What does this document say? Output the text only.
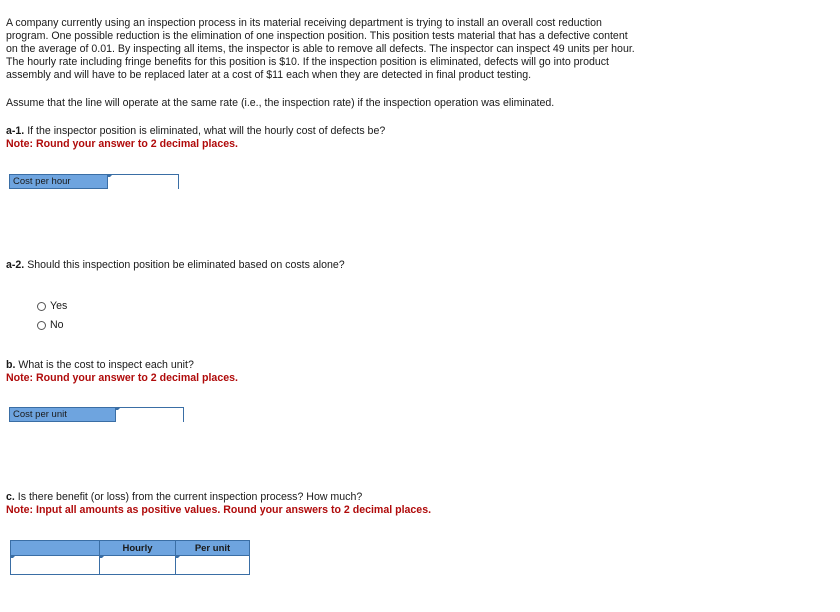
A company currently using an inspection process in its material receiving department is trying to install an overall cost reduction
program. One possible reduction is the elimination of one inspection position. This position tests material that has a defective content
on the average of 0.01. By inspecting all items, the inspector is able to remove all defects. The inspector can inspect 49 units per hour.
The hourly rate including fringe benefits for this position is $10. If the inspection position is eliminated, defects will go into product
assembly and will have to be replaced later at a cost of $11 each when they are detected in final product testing.
Assume that the line will operate at the same rate (i.e., the inspection rate) if the inspection operation was eliminated.
a-1. If the inspector position is eliminated, what will the hourly cost of defects be?
Note: Round your answer to 2 decimal places.
Cost per hour
a-2. Should this inspection position be eliminated based on costs alone?
Yes
No
b. What is the cost to inspect each unit?
Note: Round your answer to 2 decimal places.
Cost per unit
c. Is there benefit (or loss) from the current inspection process? How much?
Note: Input all amounts as positive values. Round your answers to 2 decimal places.
	Hourly	Per unit
